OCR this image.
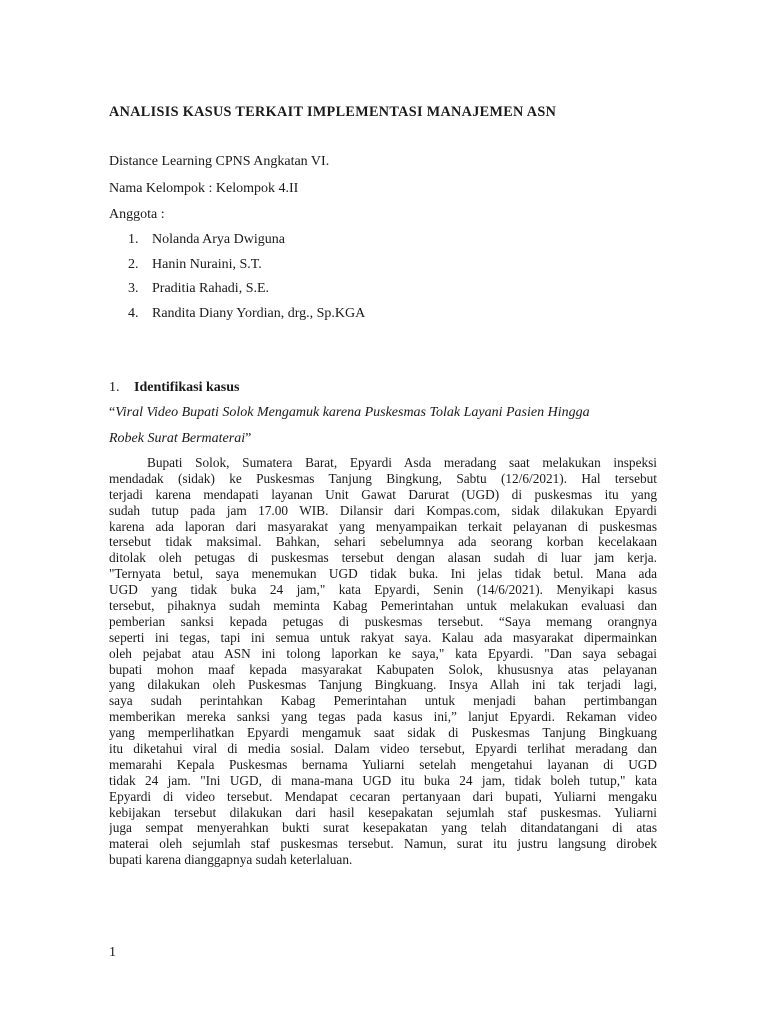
ANALISIS KASUS TERKAIT IMPLEMENTASI MANAJEMEN ASN
Distance Learning CPNS Angkatan VI.
Nama Kelompok : Kelompok 4.II
Anggota :
1. Nolanda Arya Dwiguna
2. Hanin Nuraini, S.T.
3. Praditia Rahadi, S.E.
4. Randita Diany Yordian, drg., Sp.KGA
1. Identifikasi kasus
“Viral Video Bupati Solok Mengamuk karena Puskesmas Tolak Layani Pasien Hingga
Robek Surat Bermaterai”
Bupati Solok, Sumatera Barat, Epyardi Asda meradang saat melakukan inspeksi
mendadak (sidak) ke Puskesmas Tanjung Bingkung, Sabtu (12/6/2021). Hal tersebut
terjadi karena mendapati layanan Unit Gawat Darurat (UGD) di puskesmas itu yang
sudah tutup pada jam 17.00 WIB. Dilansir dari Kompas.com, sidak dilakukan Epyardi
karena ada laporan dari masyarakat yang menyampaikan terkait pelayanan di puskesmas
tersebut tidak maksimal. Bahkan, sehari sebelumnya ada seorang korban kecelakaan
ditolak oleh petugas di puskesmas tersebut dengan alasan sudah di luar jam kerja.
"Ternyata betul, saya menemukan UGD tidak buka. Ini jelas tidak betul. Mana ada
UGD yang tidak buka 24 jam," kata Epyardi, Senin (14/6/2021). Menyikapi kasus
tersebut, pihaknya sudah meminta Kabag Pemerintahan untuk melakukan evaluasi dan
pemberian sanksi kepada petugas di puskesmas tersebut. “Saya memang orangnya
seperti ini tegas, tapi ini semua untuk rakyat saya. Kalau ada masyarakat dipermainkan
oleh pejabat atau ASN ini tolong laporkan ke saya," kata Epyardi. "Dan saya sebagai
bupati mohon maaf kepada masyarakat Kabupaten Solok, khususnya atas pelayanan
yang dilakukan oleh Puskesmas Tanjung Bingkuang. Insya Allah ini tak terjadi lagi,
saya sudah perintahkan Kabag Pemerintahan untuk menjadi bahan pertimbangan
memberikan mereka sanksi yang tegas pada kasus ini,” lanjut Epyardi. Rekaman video
yang memperlihatkan Epyardi mengamuk saat sidak di Puskesmas Tanjung Bingkuang
itu diketahui viral di media sosial. Dalam video tersebut, Epyardi terlihat meradang dan
memarahi Kepala Puskesmas bernama Yuliarni setelah mengetahui layanan di UGD
tidak 24 jam. "Ini UGD, di mana-mana UGD itu buka 24 jam, tidak boleh tutup," kata
Epyardi di video tersebut. Mendapat cecaran pertanyaan dari bupati, Yuliarni mengaku
kebijakan tersebut dilakukan dari hasil kesepakatan sejumlah staf puskesmas. Yuliarni
juga sempat menyerahkan bukti surat kesepakatan yang telah ditandatangani di atas
materai oleh sejumlah staf puskesmas tersebut. Namun, surat itu justru langsung dirobek
bupati karena dianggapnya sudah keterlaluan.
1
